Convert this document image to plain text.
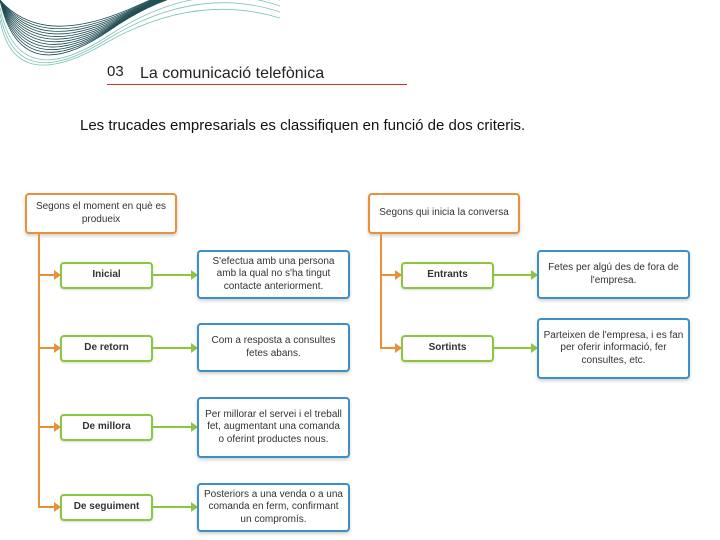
03 La comunicació telefònica
Les trucades empresarials es classifiquen en funció de dos criteris.
Segons el moment en què es produeix
Inicial
S'efectua amb una persona amb la qual no s'ha tingut contacte anteriorment.
De retorn
Com a resposta a consultes fetes abans.
De millora
Per millorar el servei i el treball fet, augmentant una comanda o oferint productes nous.
De seguiment
Posteriors a una venda o a una comanda en ferm, confirmant un compromís.
Segons qui inicia la conversa
Entrants
Fetes per algú des de fora de l'empresa.
Sortints
Parteixen de l'empresa, i es fan per oferir informació, fer consultes, etc.
